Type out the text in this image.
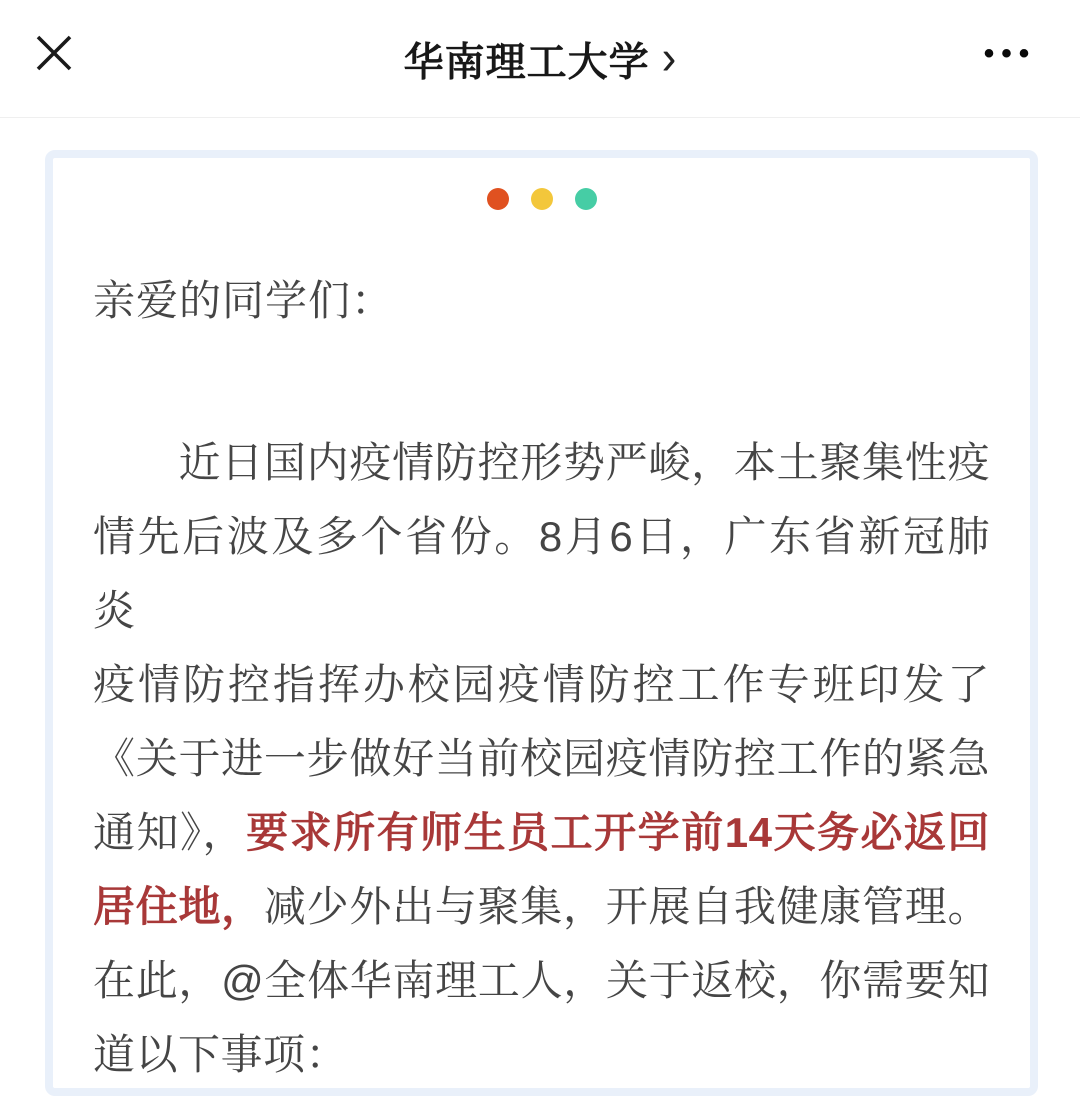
华南理工大学 ›	•••

亲爱的同学们：

　　近日国内疫情防控形势严峻，本土聚集性疫
情先后波及多个省份。8月6日，广东省新冠肺炎
疫情防控指挥办校园疫情防控工作专班印发了
《关于进一步做好当前校园疫情防控工作的紧急
通知》，要求所有师生员工开学前14天务必返回
居住地，减少外出与聚集，开展自我健康管理。
在此，@全体华南理工人，关于返校，你需要知
道以下事项：
